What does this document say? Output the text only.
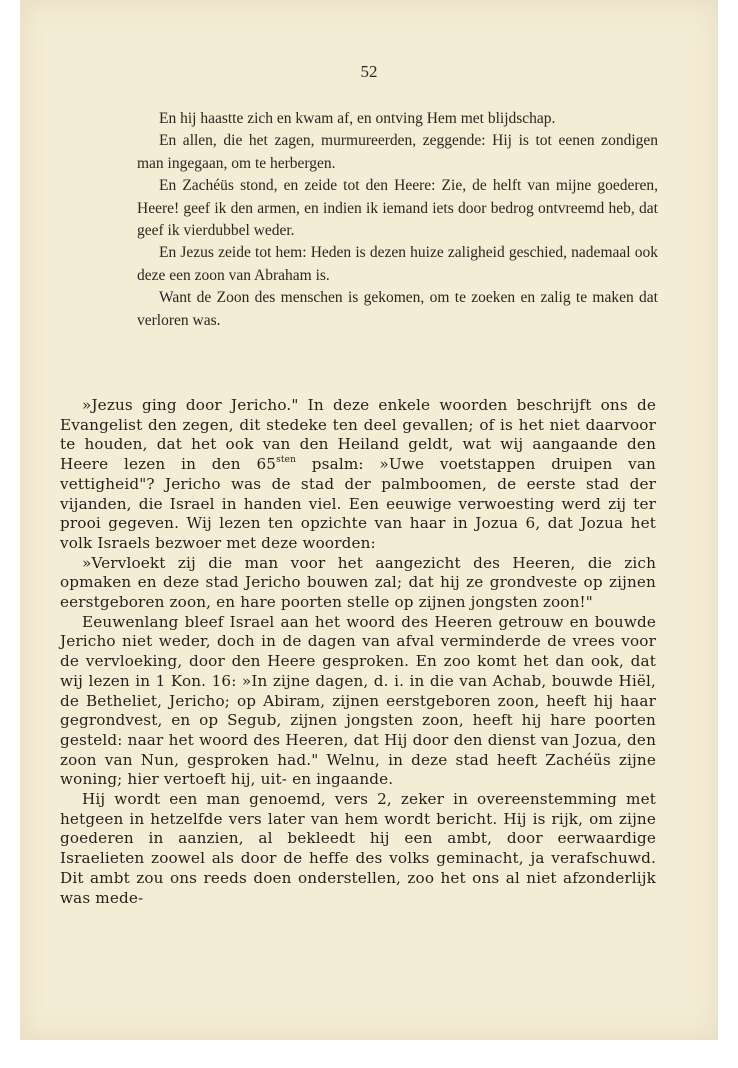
52

En hij haastte zich en kwam af, en ontving Hem met blijdschap.

En allen, die het zagen, murmureerden, zeggende: Hij is tot eenen zondigen man ingegaan, om te herbergen.

En Zachéüs stond, en zeide tot den Heere: Zie, de helft van mijne goederen, Heere! geef ik den armen, en indien ik iemand iets door bedrog ontvreemd heb, dat geef ik vierdubbel weder.

En Jezus zeide tot hem: Heden is dezen huize zaligheid geschied, nademaal ook deze een zoon van Abraham is.

Want de Zoon des menschen is gekomen, om te zoeken en zalig te maken dat verloren was.

»Jezus ging door Jericho." In deze enkele woorden beschrijft ons de Evangelist den zegen, dit stedeke ten deel gevallen; of is het niet daarvoor te houden, dat het ook van den Heiland geldt, wat wij aangaande den Heere lezen in den $65^{sten}$ psalm: »Uwe voetstappen druipen van vettigheid"? Jericho was de stad der palmboomen, de eerste stad der vijanden, die Israel in handen viel. Een eeuwige verwoesting werd zij ter prooi gegeven. Wij lezen ten opzichte van haar in Jozua 6, dat Jozua het volk Israels bezwoer met deze woorden:

»Vervloekt zij die man voor het aangezicht des Heeren, die zich opmaken en deze stad Jericho bouwen zal; dat hij ze grondveste op zijnen eerstgeboren zoon, en hare poorten stelle op zijnen jongsten zoon!"

Eeuwenlang bleef Israel aan het woord des Heeren getrouw en bouwde Jericho niet weder, doch in de dagen van afval verminderde de vrees voor de vervloeking, door den Heere gesproken. En zoo komt het dan ook, dat wij lezen in 1 Kon. 16: »In zijne dagen, d. i. in die van Achab, bouwde Hiël, de Betheliet, Jericho; op Abiram, zijnen eerstgeboren zoon, heeft hij haar gegrondvest, en op Segub, zijnen jongsten zoon, heeft hij hare poorten gesteld: naar het woord des Heeren, dat Hij door den dienst van Jozua, den zoon van Nun, gesproken had." Welnu, in deze stad heeft Zachéüs zijne woning; hier vertoeft hij, uit- en ingaande.

Hij wordt een man genoemd, vers 2, zeker in overeenstemming met hetgeen in hetzelfde vers later van hem wordt bericht. Hij is rijk, om zijne goederen in aanzien, al bekleedt hij een ambt, door eerwaardige Israelieten zoowel als door de heffe des volks geminacht, ja verafschuwd. Dit ambt zou ons reeds doen onderstellen, zoo het ons al niet afzonderlijk was mede-
